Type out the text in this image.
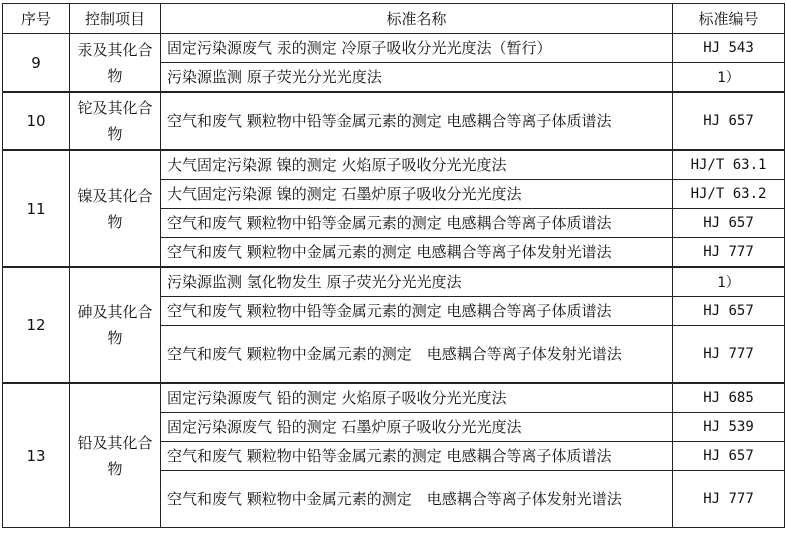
序号	控制项目	标准名称	标准编号
9	汞及其化合物	固定污染源废气 汞的测定 冷原子吸收分光光度法（暂行）	HJ 543
		污染源监测 原子荧光分光光度法	1）
10	铊及其化合物	空气和废气 颗粒物中铅等金属元素的测定 电感耦合等离子体质谱法	HJ 657
11	镍及其化合物	大气固定污染源 镍的测定 火焰原子吸收分光光度法	HJ/T 63.1
		大气固定污染源 镍的测定 石墨炉原子吸收分光光度法	HJ/T 63.2
		空气和废气 颗粒物中铅等金属元素的测定 电感耦合等离子体质谱法	HJ 657
		空气和废气 颗粒物中金属元素的测定 电感耦合等离子体发射光谱法	HJ 777
12	砷及其化合物	污染源监测 氢化物发生 原子荧光分光光度法	1）
		空气和废气 颗粒物中铅等金属元素的测定 电感耦合等离子体质谱法	HJ 657
		空气和废气 颗粒物中金属元素的测定　电感耦合等离子体发射光谱法	HJ 777
13	铅及其化合物	固定污染源废气 铅的测定 火焰原子吸收分光光度法	HJ 685
		固定污染源废气 铅的测定 石墨炉原子吸收分光光度法	HJ 539
		空气和废气 颗粒物中铅等金属元素的测定 电感耦合等离子体质谱法	HJ 657
		空气和废气 颗粒物中金属元素的测定　电感耦合等离子体发射光谱法	HJ 777
